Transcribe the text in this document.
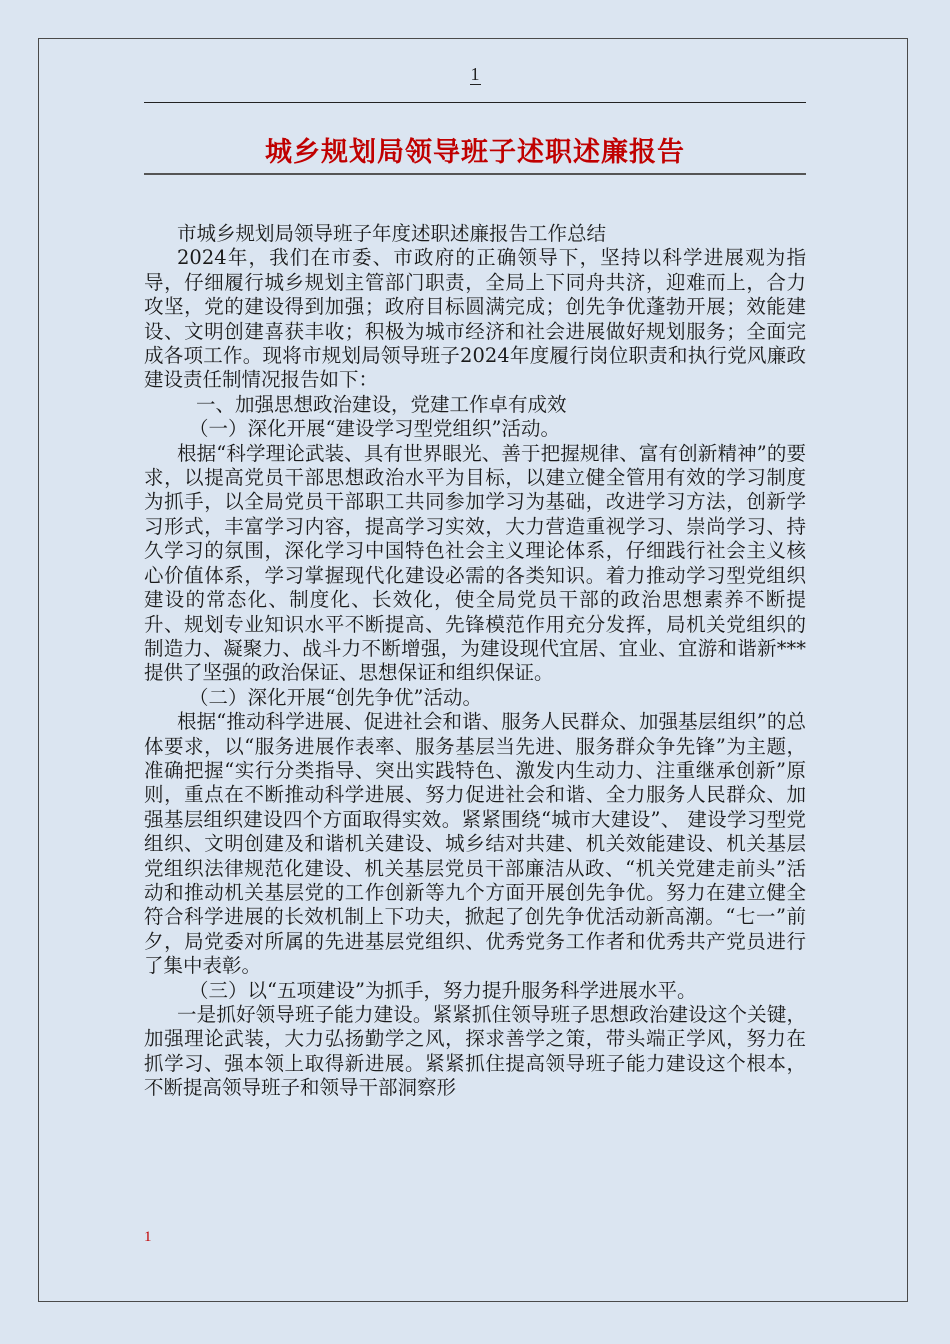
1
城乡规划局领导班子述职述廉报告

市城乡规划局领导班子年度述职述廉报告工作总结

2024年，我们在市委、市政府的正确领导下，坚持以科学进展观为指导，仔细履行城乡规划主管部门职责，全局上下同舟共济，迎难而上，合力攻坚，党的建设得到加强；政府目标圆满完成；创先争优蓬勃开展；效能建设、文明创建喜获丰收；积极为城市经济和社会进展做好规划服务；全面完成各项工作。现将市规划局领导班子2024年度履行岗位职责和执行党风廉政建设责任制情况报告如下：

一、加强思想政治建设，党建工作卓有成效

（一）深化开展“建设学习型党组织”活动。

根据“科学理论武装、具有世界眼光、善于把握规律、富有创新精神”的要求，以提高党员干部思想政治水平为目标，以建立健全管用有效的学习制度为抓手，以全局党员干部职工共同参加学习为基础，改进学习方法，创新学习形式，丰富学习内容，提高学习实效，大力营造重视学习、崇尚学习、持久学习的氛围，深化学习中国特色社会主义理论体系，仔细践行社会主义核心价值体系，学习掌握现代化建设必需的各类知识。着力推动学习型党组织建设的常态化、制度化、长效化，使全局党员干部的政治思想素养不断提升、规划专业知识水平不断提高、先锋模范作用充分发挥，局机关党组织的制造力、凝聚力、战斗力不断增强，为建设现代宜居、宜业、宜游和谐新***提供了坚强的政治保证、思想保证和组织保证。

（二）深化开展“创先争优”活动。

根据“推动科学进展、促进社会和谐、服务人民群众、加强基层组织”的总体要求，以“服务进展作表率、服务基层当先进、服务群众争先锋”为主题，准确把握“实行分类指导、突出实践特色、激发内生动力、注重继承创新”原则，重点在不断推动科学进展、努力促进社会和谐、全力服务人民群众、加强基层组织建设四个方面取得实效。紧紧围绕“城市大建设”、 建设学习型党组织、文明创建及和谐机关建设、城乡结对共建、机关效能建设、机关基层党组织法律规范化建设、机关基层党员干部廉洁从政、“机关党建走前头”活动和推动机关基层党的工作创新等九个方面开展创先争优。努力在建立健全符合科学进展的长效机制上下功夫，掀起了创先争优活动新高潮。“七一”前夕，局党委对所属的先进基层党组织、优秀党务工作者和优秀共产党员进行了集中表彰。

（三）以“五项建设”为抓手，努力提升服务科学进展水平。

一是抓好领导班子能力建设。紧紧抓住领导班子思想政治建设这个关键，加强理论武装，大力弘扬勤学之风，探求善学之策，带头端正学风，努力在抓学习、强本领上取得新进展。紧紧抓住提高领导班子能力建设这个根本，不断提高领导班子和领导干部洞察形

1
